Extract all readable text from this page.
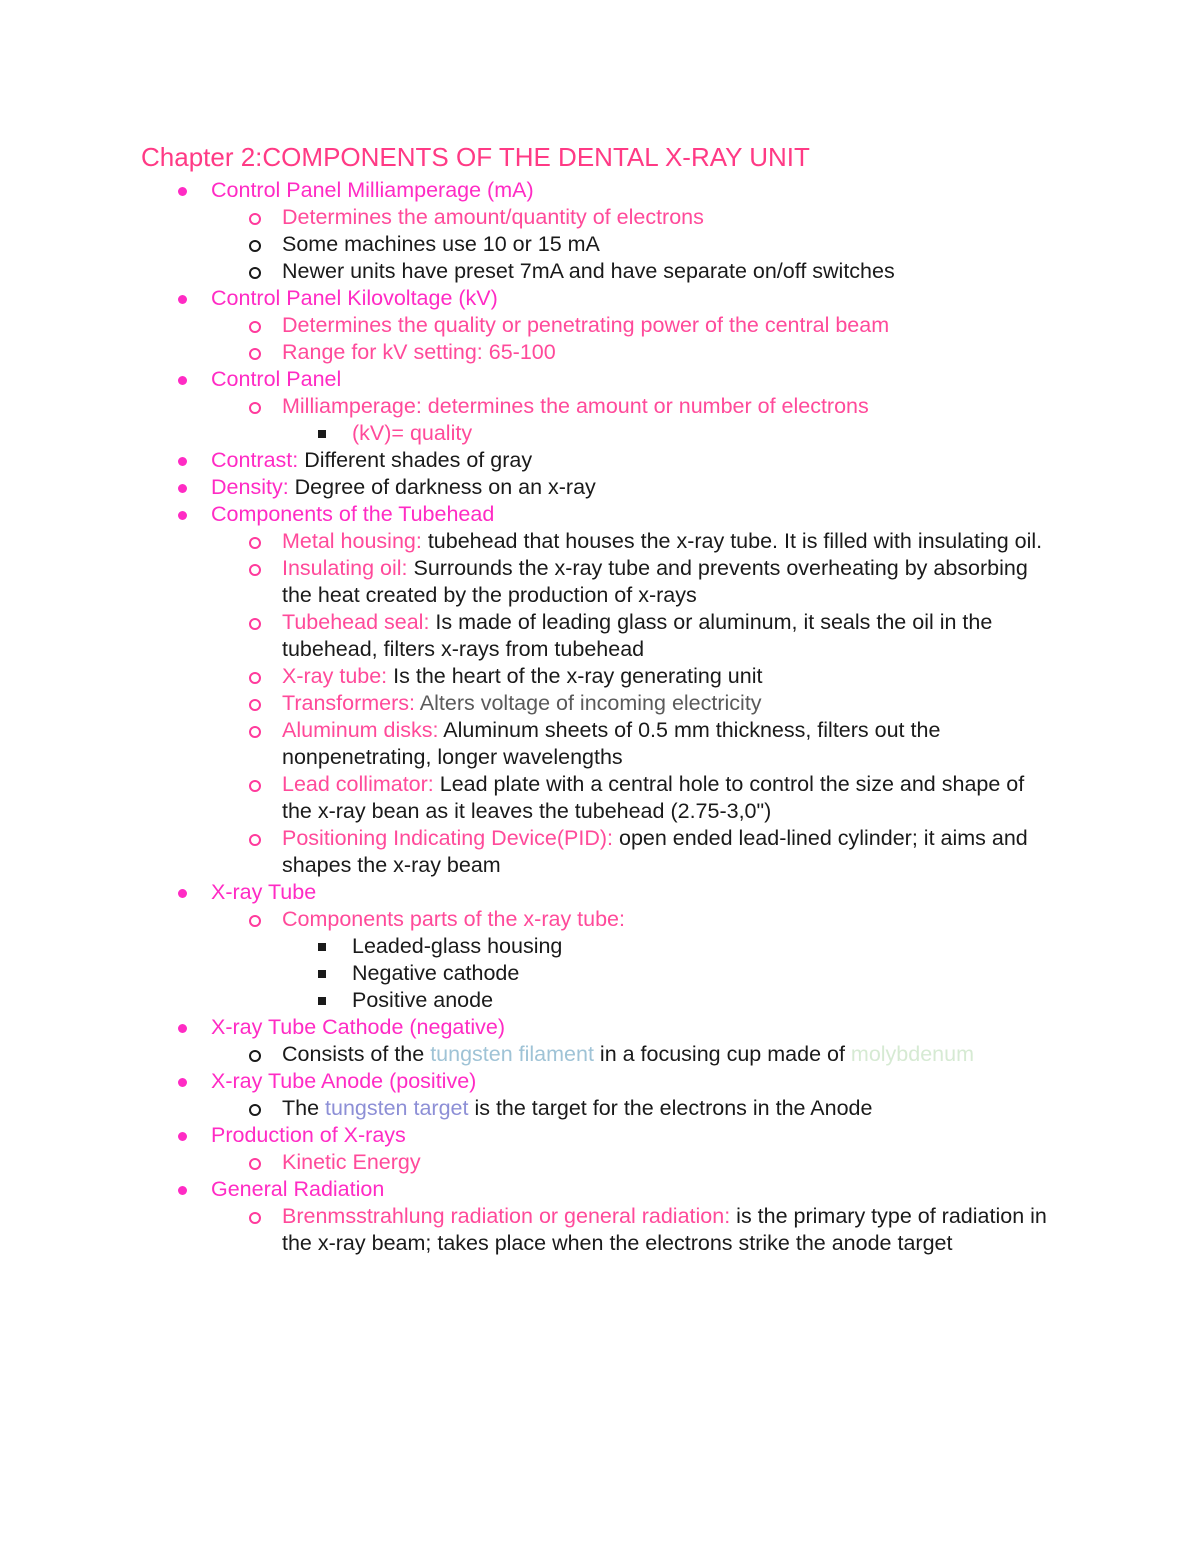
Chapter 2:COMPONENTS OF THE DENTAL X-RAY UNIT
Control Panel Milliamperage (mA)
Determines the amount/quantity of electrons
Some machines use 10 or 15 mA
Newer units have preset 7mA and have separate on/off switches
Control Panel Kilovoltage (kV)
Determines the quality or penetrating power of the central beam
Range for kV setting: 65-100
Control Panel
Milliamperage: determines the amount or number of electrons
(kV)= quality
Contrast: Different shades of gray
Density: Degree of darkness on an x-ray
Components of the Tubehead
Metal housing: tubehead that houses the x-ray tube. It is filled with insulating oil.
Insulating oil: Surrounds the x-ray tube and prevents overheating by absorbing the heat created by the production of x-rays
Tubehead seal: Is made of leading glass or aluminum, it seals the oil in the tubehead, filters x-rays from tubehead
X-ray tube: Is the heart of the x-ray generating unit
Transformers: Alters voltage of incoming electricity
Aluminum disks: Aluminum sheets of 0.5 mm thickness, filters out the nonpenetrating, longer wavelengths
Lead collimator: Lead plate with a central hole to control the size and shape of the x-ray bean as it leaves the tubehead (2.75-3,0")
Positioning Indicating Device(PID): open ended lead-lined cylinder; it aims and shapes the x-ray beam
X-ray Tube
Components parts of the x-ray tube:
Leaded-glass housing
Negative cathode
Positive anode
X-ray Tube Cathode (negative)
Consists of the tungsten filament in a focusing cup made of molybdenum
X-ray Tube Anode (positive)
The tungsten target is the target for the electrons in the Anode
Production of X-rays
Kinetic Energy
General Radiation
Brenmsstrahlung radiation or general radiation: is the primary type of radiation in the x-ray beam; takes place when the electrons strike the anode target
